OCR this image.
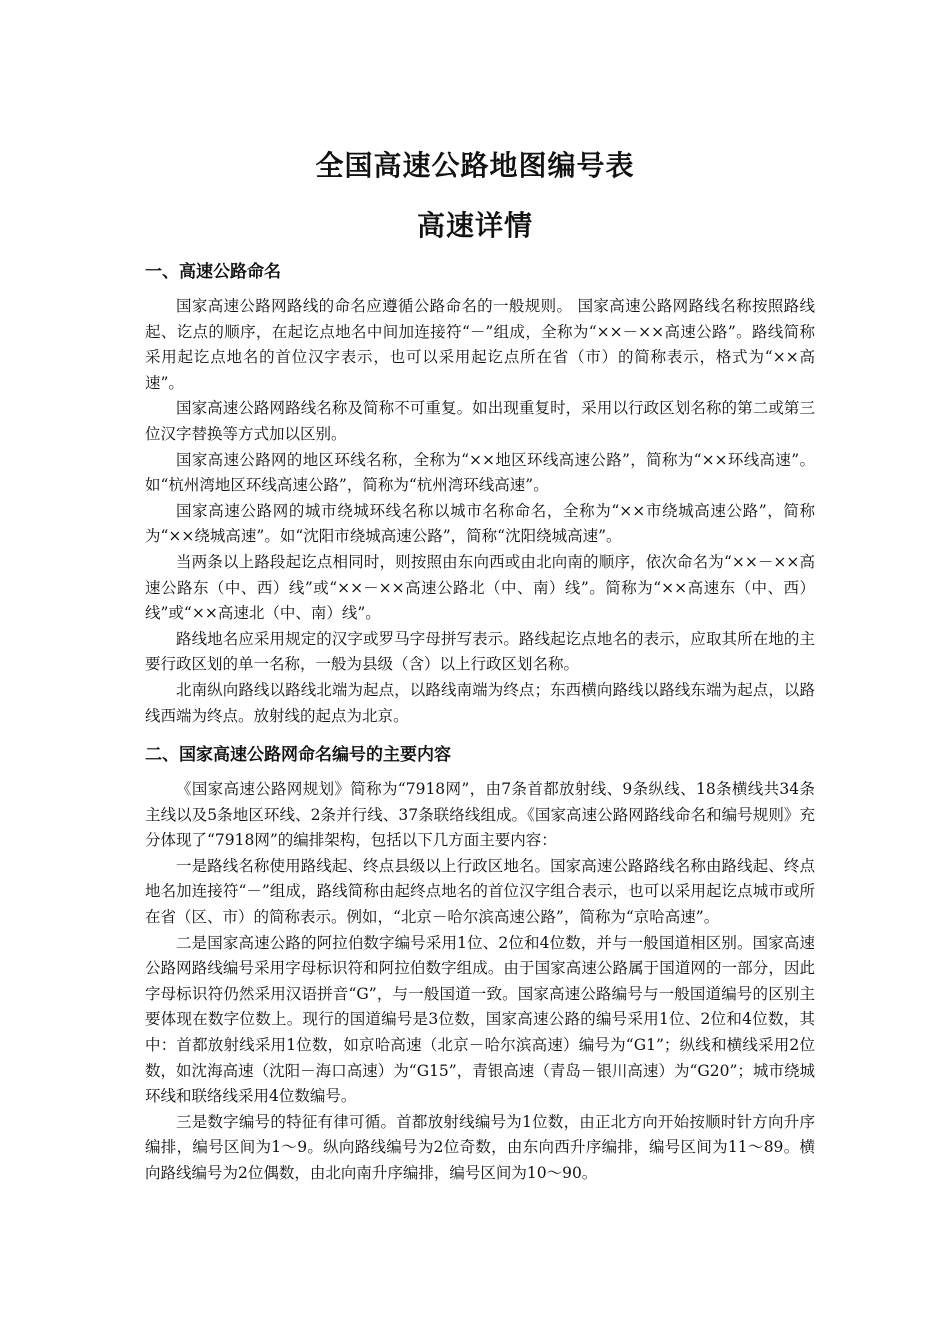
全国高速公路地图编号表
高速详情
一、高速公路命名

国家高速公路网路线的命名应遵循公路命名的一般规则。 国家高速公路网路线名称按照路线起、讫点的顺序，在起讫点地名中间加连接符“－”组成，全称为“××－××高速公路”。路线简称采用起讫点地名的首位汉字表示，也可以采用起讫点所在省（市）的简称表示，格式为“××高速”。

国家高速公路网路线名称及简称不可重复。如出现重复时，采用以行政区划名称的第二或第三位汉字替换等方式加以区别。

国家高速公路网的地区环线名称，全称为“××地区环线高速公路”，简称为“××环线高速”。如“杭州湾地区环线高速公路”，简称为“杭州湾环线高速”。

国家高速公路网的城市绕城环线名称以城市名称命名，全称为“××市绕城高速公路”，简称为“××绕城高速”。如“沈阳市绕城高速公路”，简称“沈阳绕城高速”。

当两条以上路段起讫点相同时，则按照由东向西或由北向南的顺序，依次命名为“××－××高速公路东（中、西）线”或“××－××高速公路北（中、南）线”。简称为“××高速东（中、西）线”或“××高速北（中、南）线”。

路线地名应采用规定的汉字或罗马字母拼写表示。路线起讫点地名的表示，应取其所在地的主要行政区划的单一名称，一般为县级（含）以上行政区划名称。

北南纵向路线以路线北端为起点，以路线南端为终点；东西横向路线以路线东端为起点，以路线西端为终点。放射线的起点为北京。

二、国家高速公路网命名编号的主要内容

《国家高速公路网规划》简称为“7918网”，由7条首都放射线、9条纵线、18条横线共34条主线以及5条地区环线、2条并行线、37条联络线组成。《国家高速公路网路线命名和编号规则》充分体现了“7918网”的编排架构，包括以下几方面主要内容：

一是路线名称使用路线起、终点县级以上行政区地名。国家高速公路路线名称由路线起、终点地名加连接符“－”组成，路线简称由起终点地名的首位汉字组合表示，也可以采用起讫点城市或所在省（区、市）的简称表示。例如，“北京－哈尔滨高速公路”，简称为“京哈高速”。

二是国家高速公路的阿拉伯数字编号采用1位、2位和4位数，并与一般国道相区别。国家高速公路网路线编号采用字母标识符和阿拉伯数字组成。由于国家高速公路属于国道网的一部分，因此字母标识符仍然采用汉语拼音“G”，与一般国道一致。国家高速公路编号与一般国道编号的区别主要体现在数字位数上。现行的国道编号是3位数，国家高速公路的编号采用1位、2位和4位数，其中：首都放射线采用1位数，如京哈高速（北京－哈尔滨高速）编号为“G1”；纵线和横线采用2位数，如沈海高速（沈阳－海口高速）为“G15”，青银高速（青岛－银川高速）为“G20”；城市绕城环线和联络线采用4位数编号。

三是数字编号的特征有律可循。首都放射线编号为1位数，由正北方向开始按顺时针方向升序编排，编号区间为1～9。纵向路线编号为2位奇数，由东向西升序编排，编号区间为11～89。横向路线编号为2位偶数，由北向南升序编排，编号区间为10～90。
